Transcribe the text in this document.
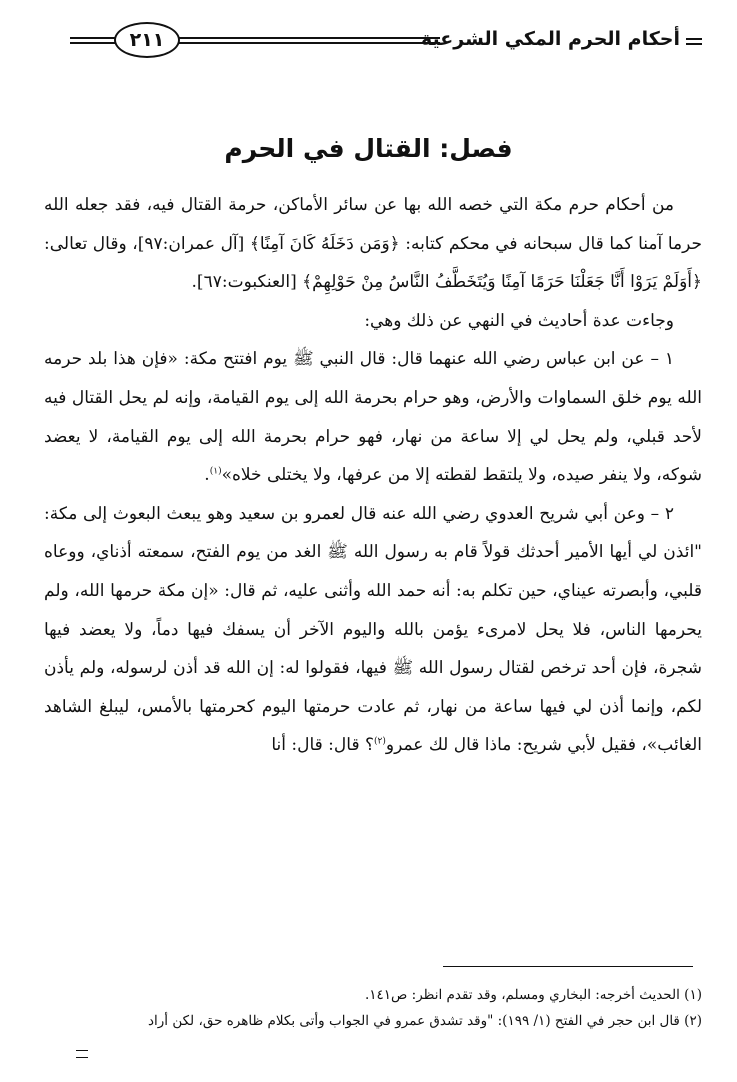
أحكام الحرم المكي الشرعية
٢١١
فصل: القتال في الحرم

من أحكام حرم مكة التي خصه الله بها عن سائر الأماكن، حرمة القتال فيه، فقد جعله الله حرما آمنا كما قال سبحانه في محكم كتابه: ﴿وَمَن دَخَلَهُ كَانَ آمِنًا﴾ [آل عمران:٩٧]، وقال تعالى: ﴿أَوَلَمْ يَرَوْا أَنَّا جَعَلْنَا حَرَمًا آمِنًا وَيُتَخَطَّفُ النَّاسُ مِنْ حَوْلِهِمْ﴾ [العنكبوت:٦٧].

وجاءت عدة أحاديث في النهي عن ذلك وهي:

١ – عن ابن عباس رضي الله عنهما قال: قال النبي ﷺ يوم افتتح مكة: «فإن هذا بلد حرمه الله يوم خلق السماوات والأرض، وهو حرام بحرمة الله إلى يوم القيامة، وإنه لم يحل القتال فيه لأحد قبلي، ولم يحل لي إلا ساعة من نهار، فهو حرام بحرمة الله إلى يوم القيامة، لا يعضد شوكه، ولا ينفر صيده، ولا يلتقط لقطته إلا من عرفها، ولا يختلى خلاه»$^{(١)}$.

٢ – وعن أبي شريح العدوي رضي الله عنه قال لعمرو بن سعيد وهو يبعث البعوث إلى مكة: "ائذن لي أيها الأمير أحدثك قولاً قام به رسول الله ﷺ الغد من يوم الفتح، سمعته أذناي، ووعاه قلبي، وأبصرته عيناي، حين تكلم به: أنه حمد الله وأثنى عليه، ثم قال: «إن مكة حرمها الله، ولم يحرمها الناس، فلا يحل لامرىء يؤمن بالله واليوم الآخر أن يسفك فيها دماً، ولا يعضد فيها شجرة، فإن أحد ترخص لقتال رسول الله ﷺ فيها، فقولوا له: إن الله قد أذن لرسوله، ولم يأذن لكم، وإنما أذن لي فيها ساعة من نهار، ثم عادت حرمتها اليوم كحرمتها بالأمس، ليبلغ الشاهد الغائب»، فقيل لأبي شريح: ماذا قال لك عمرو$^{(٢)}$؟ قال: قال: أنا

(١) الحديث أخرجه: البخاري ومسلم، وقد تقدم انظر: ص١٤١.
(٢) قال ابن حجر في الفتح (١/ ١٩٩): "وقد تشدق عمرو في الجواب وأتى بكلام ظاهره حق، لكن أراد
